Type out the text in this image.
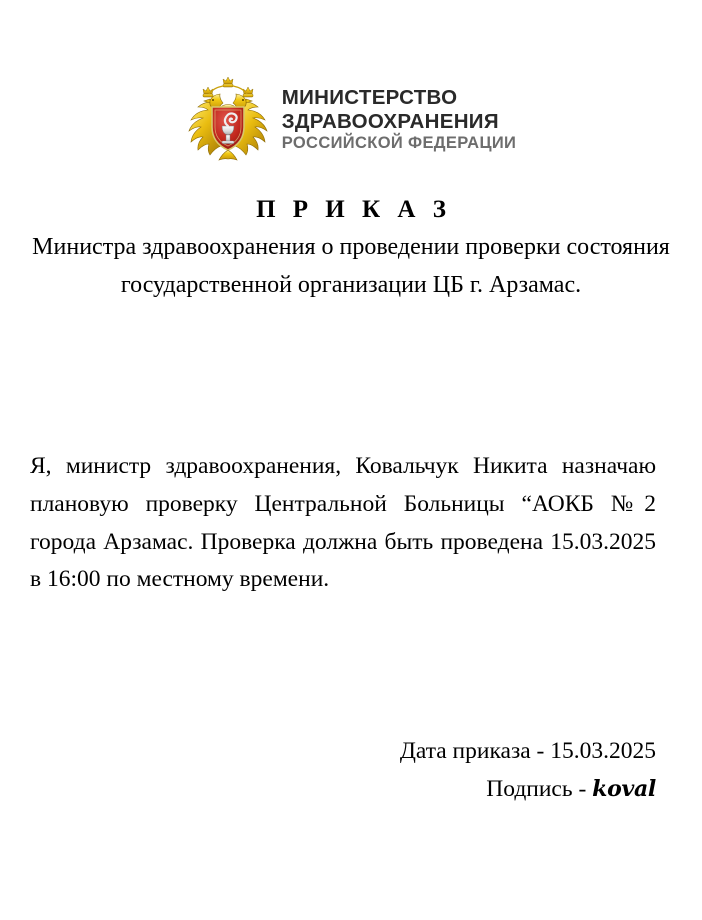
МИНИСТЕРСТВО
ЗДРАВООХРАНЕНИЯ
РОССИЙСКОЙ ФЕДЕРАЦИИ
П Р И К А З

Министра здравоохранения о проведении проверки состояния государственной организации ЦБ г. Арзамас.

Я, министр здравоохранения, Ковальчук Никита назначаю плановую проверку Центральной Больницы “АОКБ №2 города Арзамас. Проверка должна быть проведена 15.03.2025 в 16:00 по местному времени.

Дата приказа - 15.03.2025
Подпись - koval
